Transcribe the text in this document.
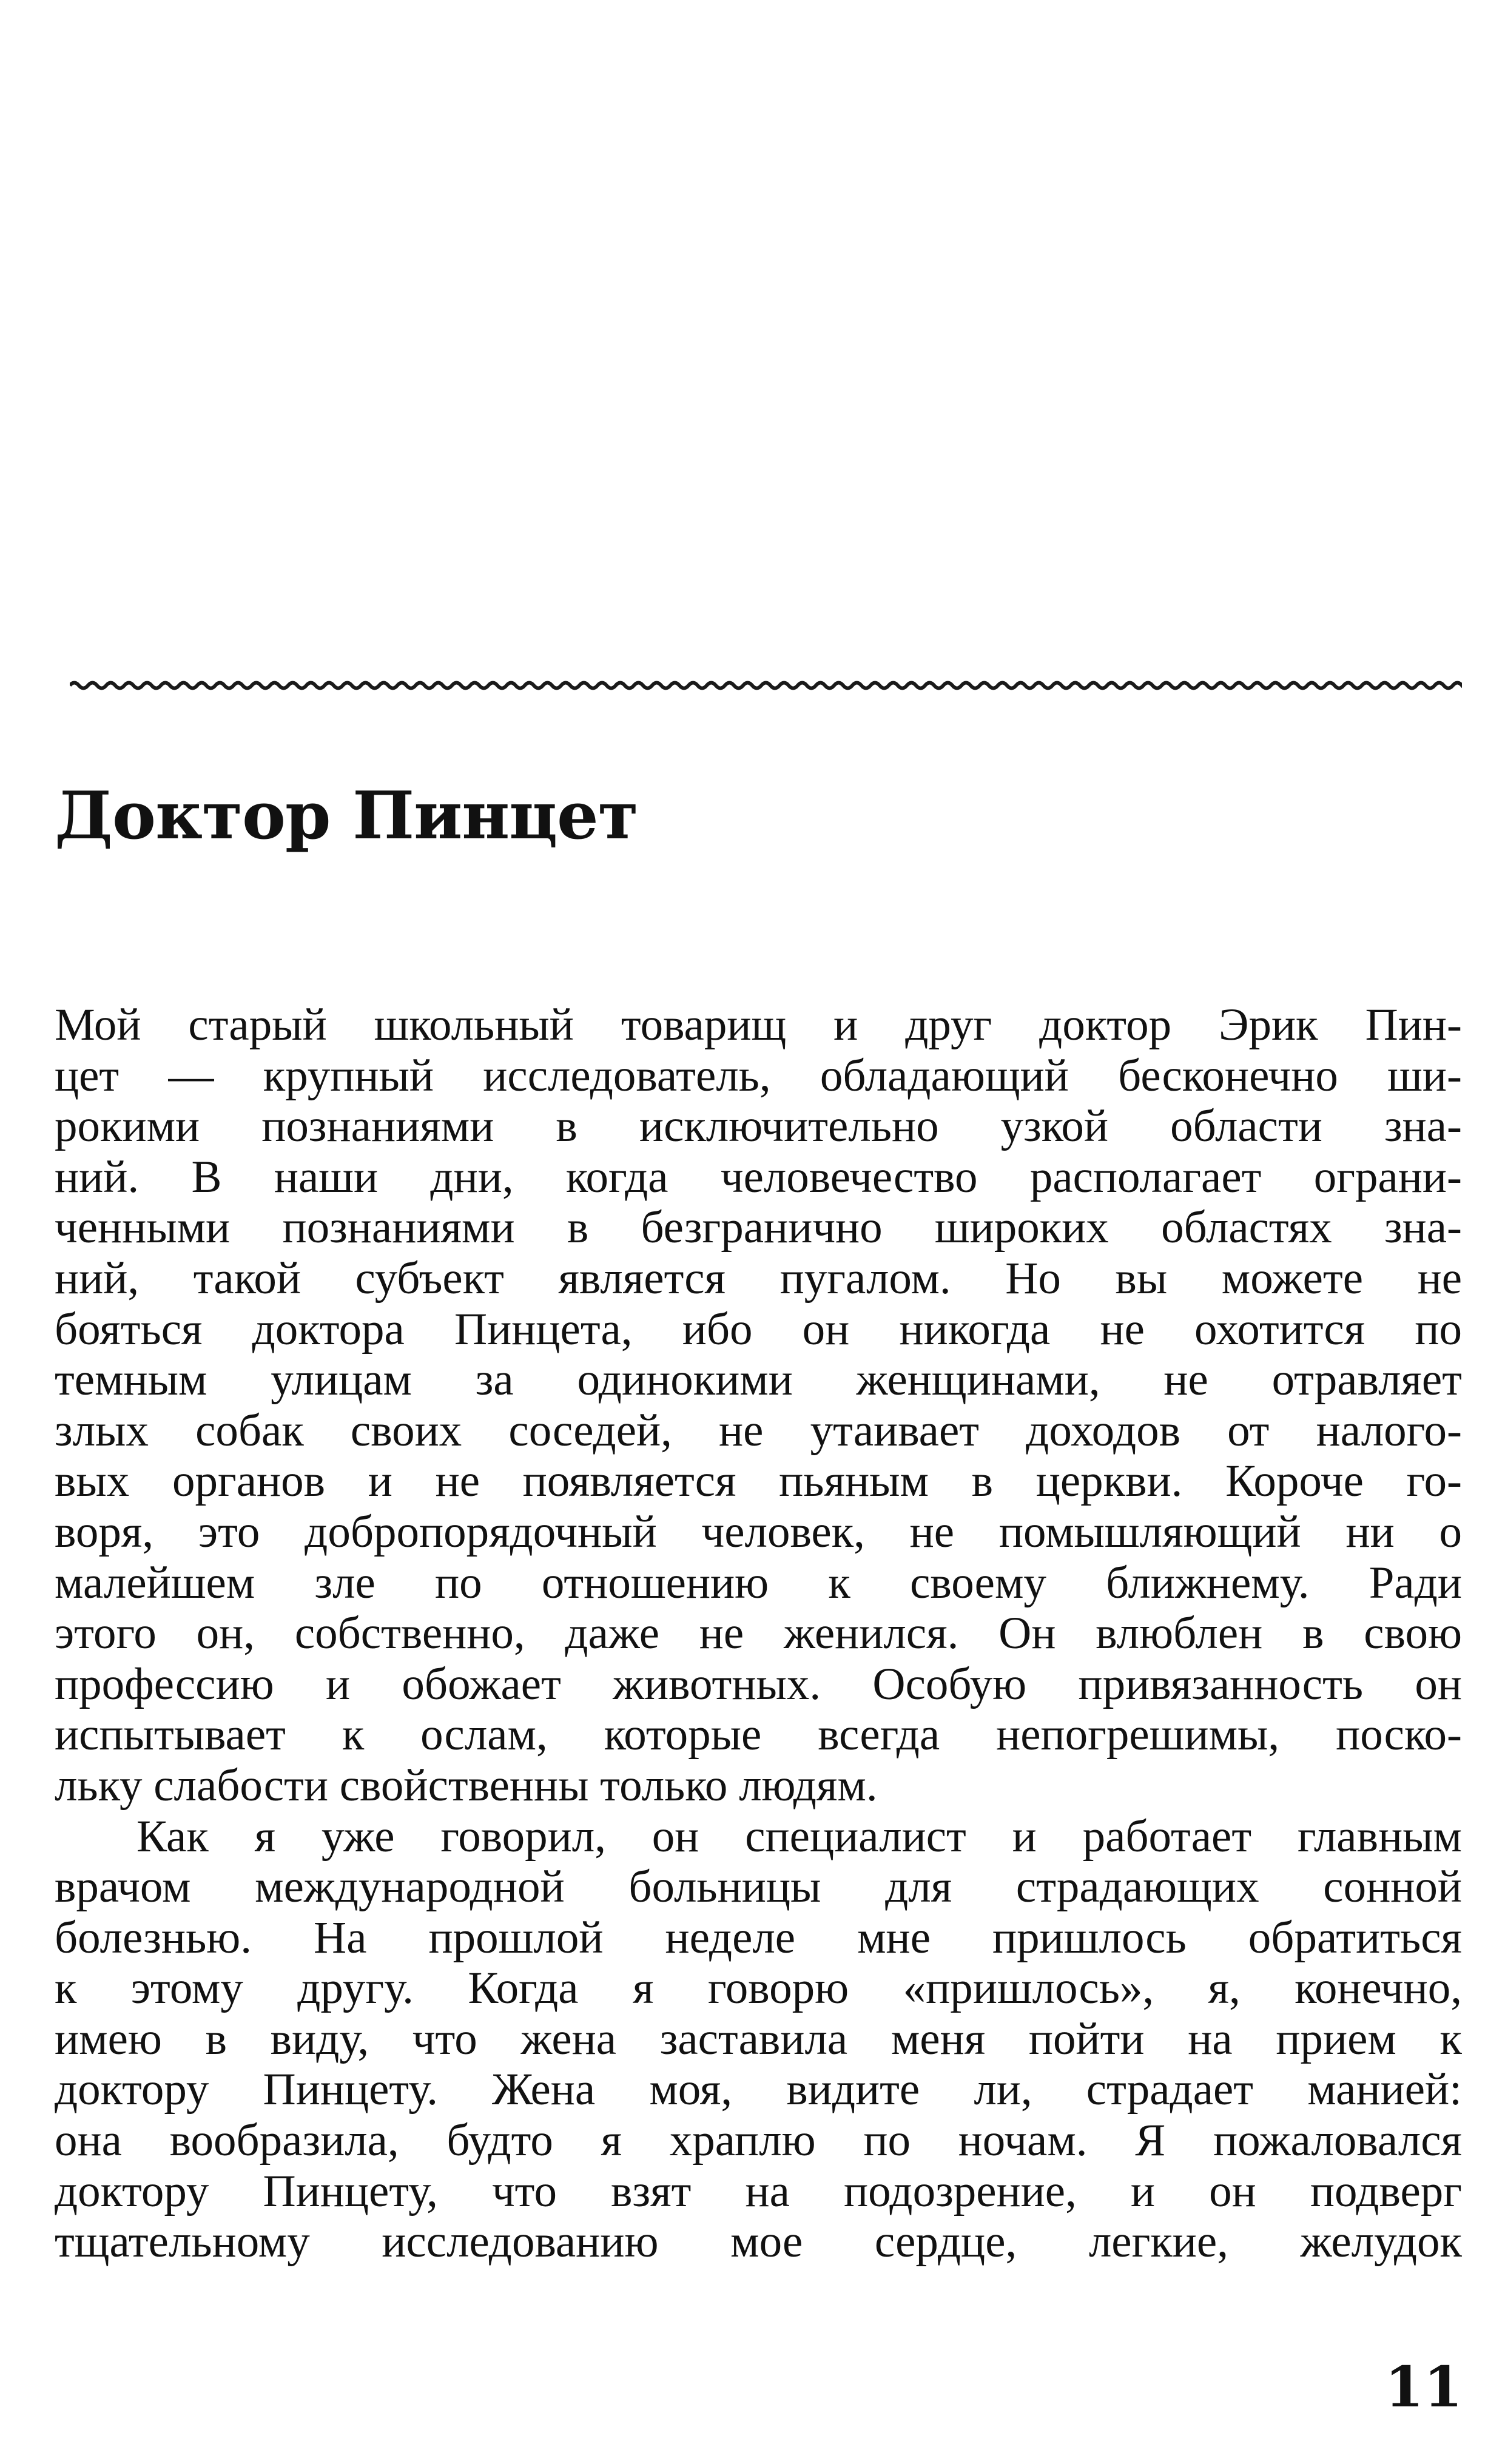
Доктор Пинцет
Мой старый школьный товарищ и друг доктор Эрик Пин-
цет — крупный исследователь, обладающий бесконечно ши-
рокими познаниями в исключительно узкой области зна-
ний. В наши дни, когда человечество располагает ограни-
ченными познаниями в безгранично широких областях зна-
ний, такой субъект является пугалом. Но вы можете не
бояться доктора Пинцета, ибо он никогда не охотится по
темным улицам за одинокими женщинами, не отравляет
злых собак своих соседей, не утаивает доходов от налого-
вых органов и не появляется пьяным в церкви. Короче го-
воря, это добропорядочный человек, не помышляющий ни о
малейшем зле по отношению к своему ближнему. Ради
этого он, собственно, даже не женился. Он влюблен в свою
профессию и обожает животных. Особую привязанность он
испытывает к ослам, которые всегда непогрешимы, поско-
льку слабости свойственны только людям.
Как я уже говорил, он специалист и работает главным
врачом международной больницы для страдающих сонной
болезнью. На прошлой неделе мне пришлось обратиться
к этому другу. Когда я говорю «пришлось», я, конечно,
имею в виду, что жена заставила меня пойти на прием к
доктору Пинцету. Жена моя, видите ли, страдает манией:
она вообразила, будто я храплю по ночам. Я пожаловался
доктору Пинцету, что взят на подозрение, и он подверг
тщательному исследованию мое сердце, легкие, желудок
11
